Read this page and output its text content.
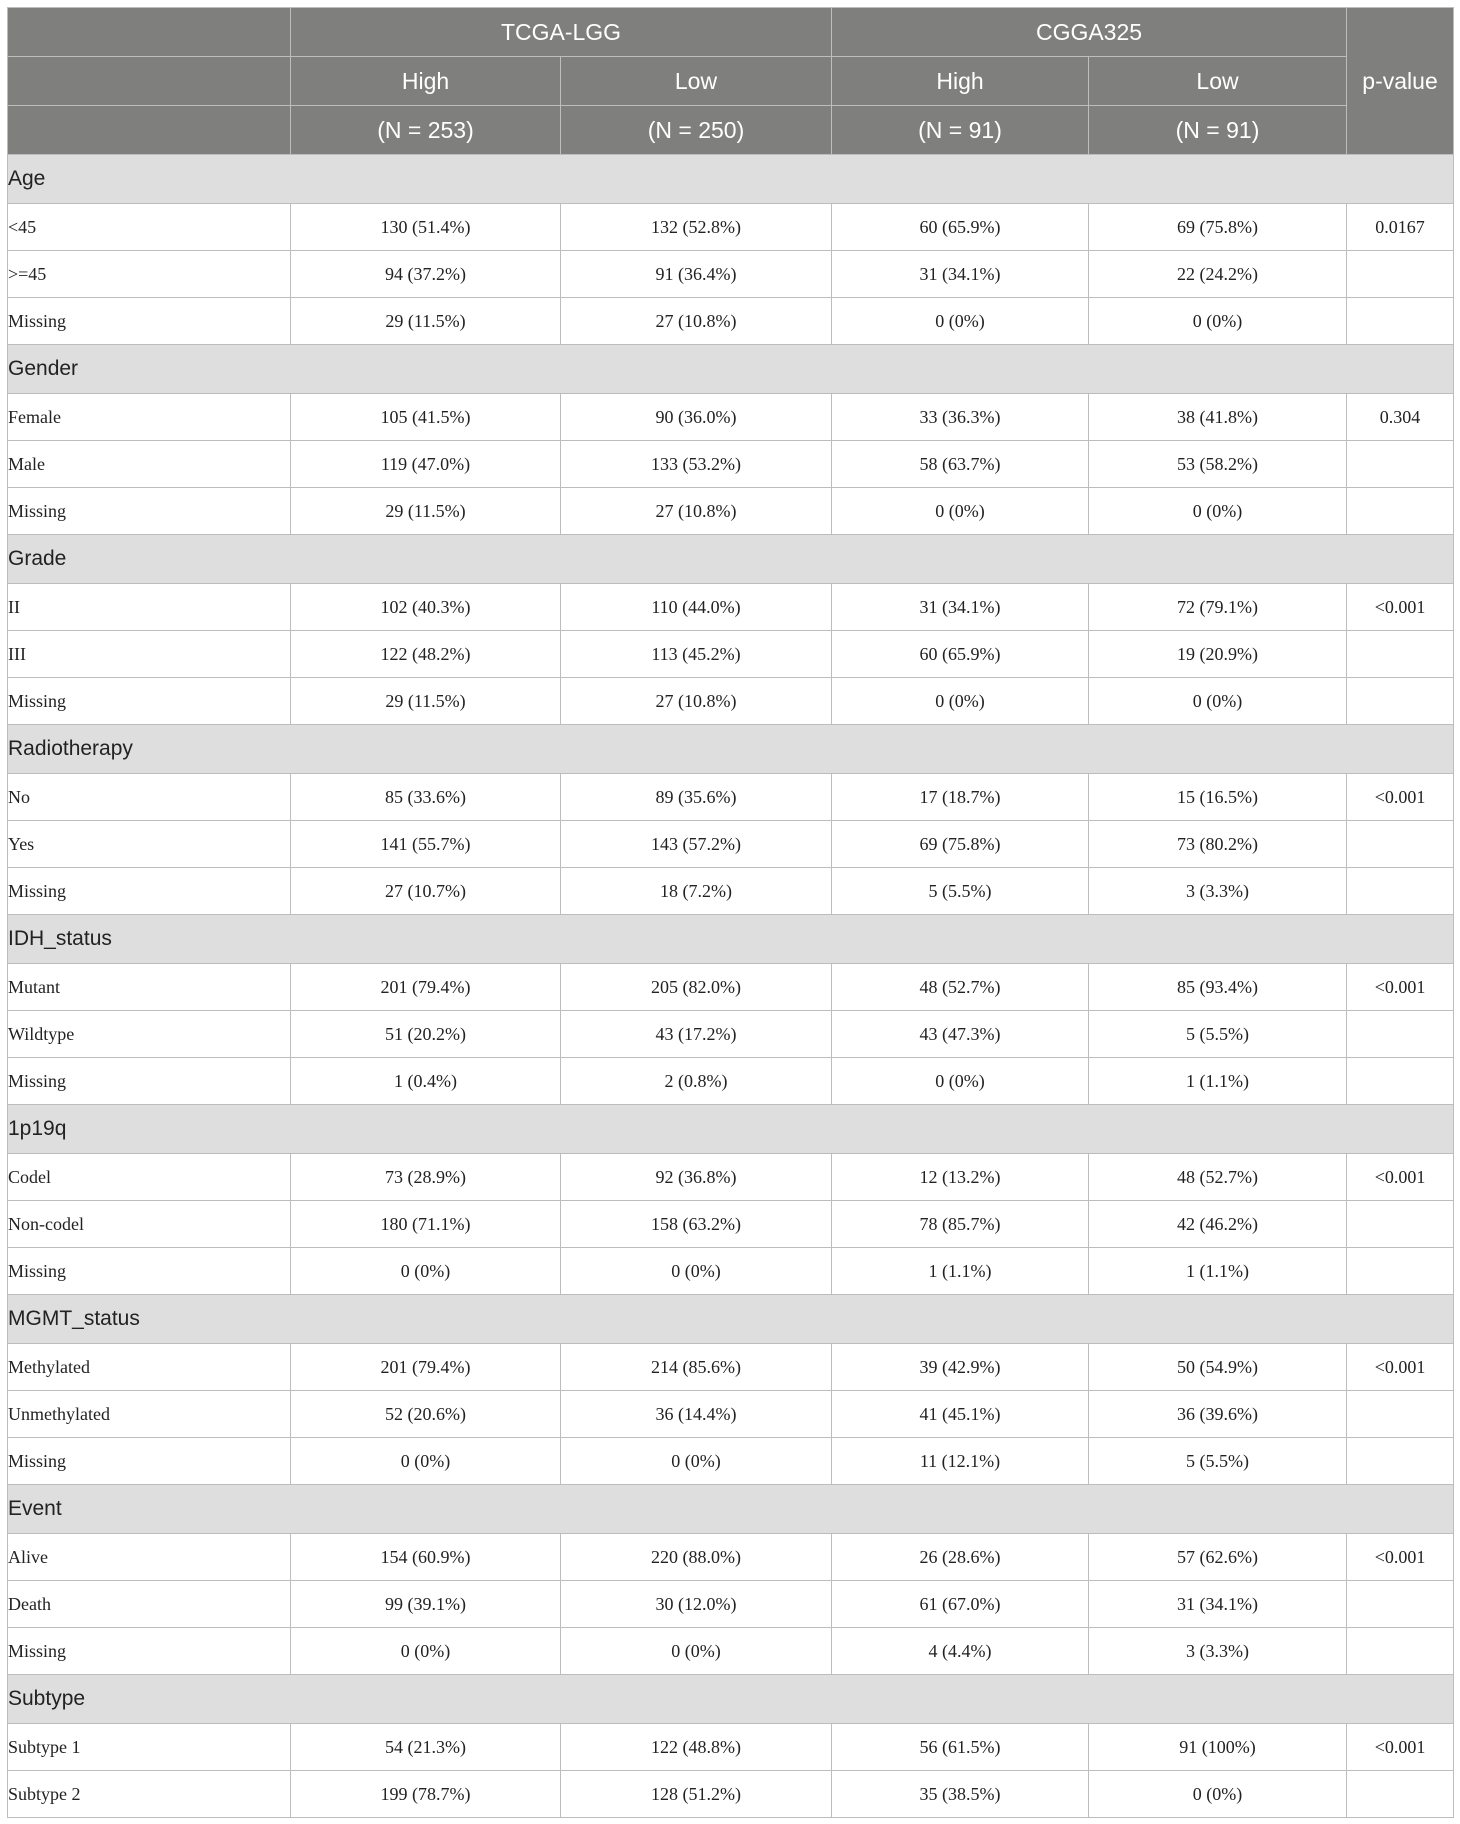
	TCGA-LGG		CGGA325		p-value
	High	Low	High	Low	
	(N = 253)	(N = 250)	(N = 91)	(N = 91)	
Age					
<45	130 (51.4%)	132 (52.8%)	60 (65.9%)	69 (75.8%)	0.0167
>=45	94 (37.2%)	91 (36.4%)	31 (34.1%)	22 (24.2%)	
Missing	29 (11.5%)	27 (10.8%)	0 (0%)	0 (0%)	
Gender					
Female	105 (41.5%)	90 (36.0%)	33 (36.3%)	38 (41.8%)	0.304
Male	119 (47.0%)	133 (53.2%)	58 (63.7%)	53 (58.2%)	
Missing	29 (11.5%)	27 (10.8%)	0 (0%)	0 (0%)	
Grade					
II	102 (40.3%)	110 (44.0%)	31 (34.1%)	72 (79.1%)	<0.001
III	122 (48.2%)	113 (45.2%)	60 (65.9%)	19 (20.9%)	
Missing	29 (11.5%)	27 (10.8%)	0 (0%)	0 (0%)	
Radiotherapy					
No	85 (33.6%)	89 (35.6%)	17 (18.7%)	15 (16.5%)	<0.001
Yes	141 (55.7%)	143 (57.2%)	69 (75.8%)	73 (80.2%)	
Missing	27 (10.7%)	18 (7.2%)	5 (5.5%)	3 (3.3%)	
IDH_status					
Mutant	201 (79.4%)	205 (82.0%)	48 (52.7%)	85 (93.4%)	<0.001
Wildtype	51 (20.2%)	43 (17.2%)	43 (47.3%)	5 (5.5%)	
Missing	1 (0.4%)	2 (0.8%)	0 (0%)	1 (1.1%)	
1p19q					
Codel	73 (28.9%)	92 (36.8%)	12 (13.2%)	48 (52.7%)	<0.001
Non-codel	180 (71.1%)	158 (63.2%)	78 (85.7%)	42 (46.2%)	
Missing	0 (0%)	0 (0%)	1 (1.1%)	1 (1.1%)	
MGMT_status					
Methylated	201 (79.4%)	214 (85.6%)	39 (42.9%)	50 (54.9%)	<0.001
Unmethylated	52 (20.6%)	36 (14.4%)	41 (45.1%)	36 (39.6%)	
Missing	0 (0%)	0 (0%)	11 (12.1%)	5 (5.5%)	
Event					
Alive	154 (60.9%)	220 (88.0%)	26 (28.6%)	57 (62.6%)	<0.001
Death	99 (39.1%)	30 (12.0%)	61 (67.0%)	31 (34.1%)	
Missing	0 (0%)	0 (0%)	4 (4.4%)	3 (3.3%)	
Subtype					
Subtype 1	54 (21.3%)	122 (48.8%)	56 (61.5%)	91 (100%)	<0.001
Subtype 2	199 (78.7%)	128 (51.2%)	35 (38.5%)	0 (0%)	
